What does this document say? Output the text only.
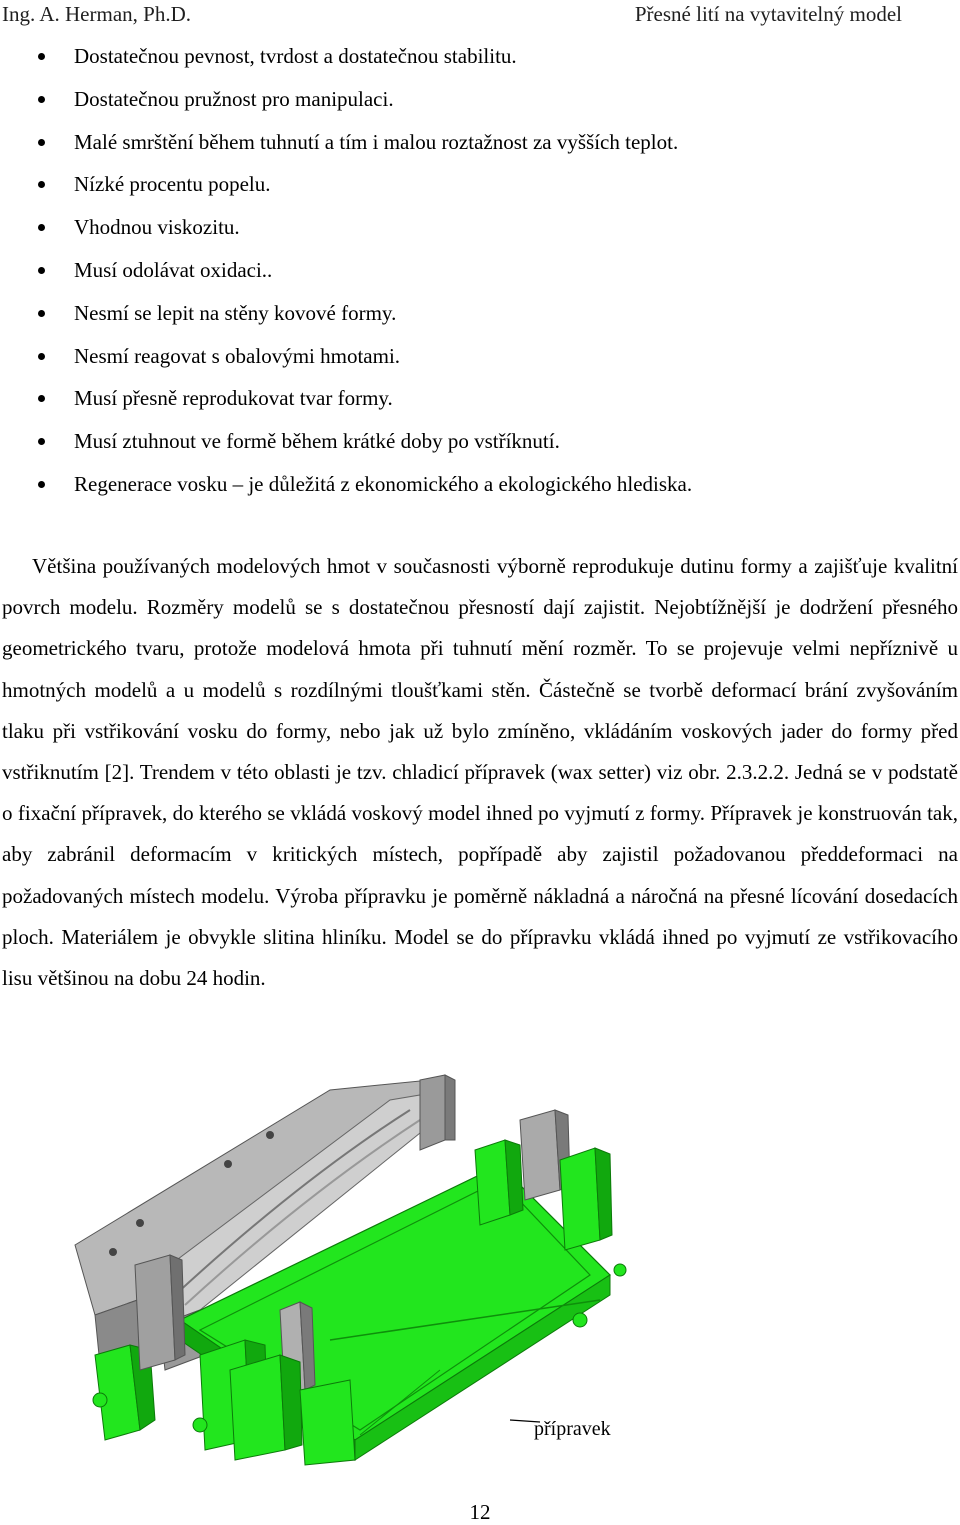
Ing. A. Herman, Ph.D.	Přesné lití na vytavitelný model
Dostatečnou pevnost, tvrdost a dostatečnou stabilitu.
Dostatečnou pružnost pro manipulaci.
Malé smrštění během tuhnutí a tím i malou roztažnost za vyšších teplot.
Nízké procentu popelu.
Vhodnou viskozitu.
Musí odolávat oxidaci..
Nesmí se lepit na stěny kovové formy.
Nesmí reagovat s obalovými hmotami.
Musí přesně reprodukovat tvar formy.
Musí ztuhnout ve formě během krátké doby po vstříknutí.
Regenerace vosku – je důležitá z ekonomického a ekologického hlediska.

Většina používaných modelových hmot v současnosti výborně reprodukuje dutinu formy a zajišťuje kvalitní povrch modelu. Rozměry modelů se s dostatečnou přesností dají zajistit. Nejobtížnější je dodržení přesného geometrického tvaru, protože modelová hmota při tuhnutí mění rozměr. To se projevuje velmi nepříznivě u hmotných modelů a u modelů s rozdílnými tloušťkami stěn. Částečně se tvorbě deformací brání zvyšováním tlaku při vstřikování vosku do formy, nebo jak už bylo zmíněno, vkládáním voskových jader do formy před vstřiknutím [2]. Trendem v této oblasti je tzv. chladicí přípravek (wax setter) viz obr. 2.3.2.2. Jedná se v podstatě o fixační přípravek, do kterého se vkládá voskový model ihned po vyjmutí z formy. Přípravek je konstruován tak, aby zabránil deformacím v kritických místech, popřípadě aby zajistil požadovanou předdeformaci na požadovaných místech modelu. Výroba přípravku je poměrně nákladná a náročná na přesné lícování dosedacích ploch. Materiálem je obvykle slitina hliníku. Model se do přípravku vkládá ihned po vyjmutí ze vstřikovacího lisu většinou na dobu 24 hodin.

přípravek
12
